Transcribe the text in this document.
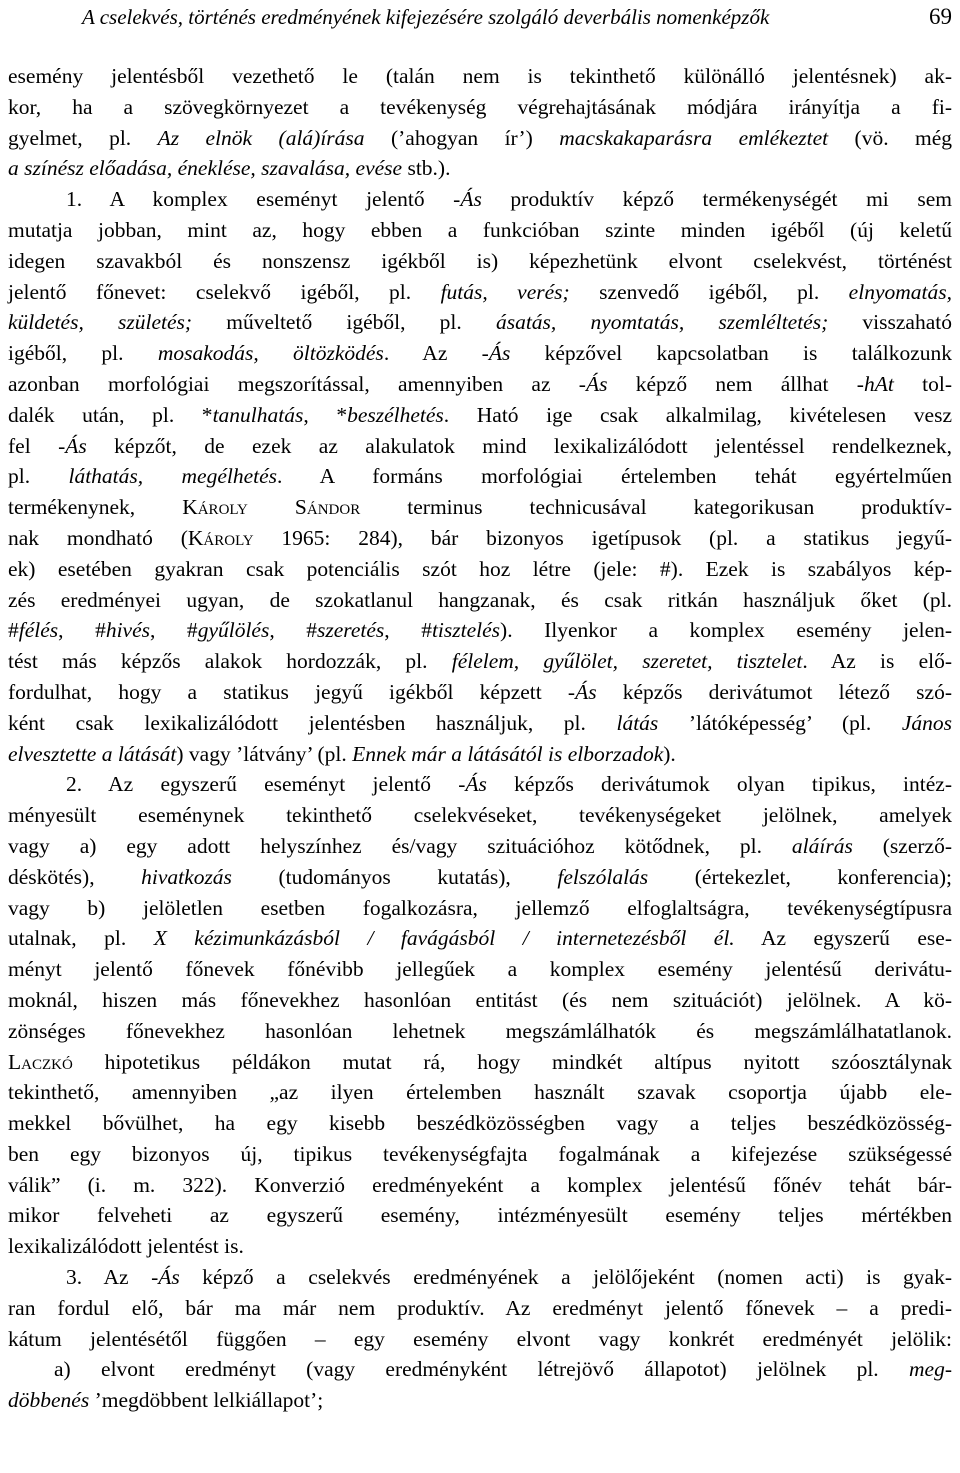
A cselekvés, történés eredményének kifejezésére szolgáló deverbális nomenképzők	69
esemény jelentésből vezethető le (talán nem is tekinthető különálló jelentésnek) ak-
kor, ha a szövegkörnyezet a tevékenység végrehajtásának módjára irányítja a fi-
gyelmet, pl. Az elnök (alá)írása (’ahogyan ír’) macskakaparásra emlékeztet (vö. még
a színész előadása, éneklése, szavalása, evése stb.).
1. A komplex eseményt jelentő -Ás produktív képző termékenységét mi sem
mutatja jobban, mint az, hogy ebben a funkcióban szinte minden igéből (új keletű
idegen szavakból és nonszensz igékből is) képezhetünk elvont cselekvést, történést
jelentő főnevet: cselekvő igéből, pl. futás, verés; szenvedő igéből, pl. elnyomatás,
küldetés, születés; műveltető igéből, pl. ásatás, nyomtatás, szemléltetés; visszaható
igéből, pl. mosakodás, öltözködés. Az -Ás képzővel kapcsolatban is találkozunk
azonban morfológiai megszorítással, amennyiben az -Ás képző nem állhat -hAt tol-
dalék után, pl. *tanulhatás, *beszélhetés. Ható ige csak alkalmilag, kivételesen vesz
fel -Ás képzőt, de ezek az alakulatok mind lexikalizálódott jelentéssel rendelkeznek,
pl. láthatás, megélhetés. A formáns morfológiai értelemben tehát egyértelműen
termékenynek, Károly Sándor terminus technicusával kategorikusan produktív-
nak mondható (Károly 1965: 284), bár bizonyos igetípusok (pl. a statikus jegyű-
ek) esetében gyakran csak potenciális szót hoz létre (jele: #). Ezek is szabályos kép-
zés eredményei ugyan, de szokatlanul hangzanak, és csak ritkán használjuk őket (pl.
#félés, #hivés, #gyűlölés, #szeretés, #tisztelés). Ilyenkor a komplex esemény jelen-
tést más képzős alakok hordozzák, pl. félelem, gyűlölet, szeretet, tisztelet. Az is elő-
fordulhat, hogy a statikus jegyű igékből képzett -Ás képzős derivátumot létező szó-
ként csak lexikalizálódott jelentésben használjuk, pl. látás ’látóképesség’ (pl. János
elvesztette a látását) vagy ’látvány’ (pl. Ennek már a látásától is elborzadok).
2. Az egyszerű eseményt jelentő -Ás képzős derivátumok olyan tipikus, intéz-
ményesült eseménynek tekinthető cselekvéseket, tevékenységeket jelölnek, amelyek
vagy a) egy adott helyszínhez és/vagy szituációhoz kötődnek, pl. aláírás (szerző-
déskötés), hivatkozás (tudományos kutatás), felszólalás (értekezlet, konferencia);
vagy b) jelöletlen esetben fogalkozásra, jellemző elfoglaltságra, tevékenységtípusra
utalnak, pl. X kézimunkázásból / favágásból / internetezésből él. Az egyszerű ese-
ményt jelentő főnevek főnévibb jellegűek a komplex esemény jelentésű derivátu-
moknál, hiszen más főnevekhez hasonlóan entitást (és nem szituációt) jelölnek. A kö-
zönséges főnevekhez hasonlóan lehetnek megszámlálhatók és megszámlálhatatlanok.
Laczkó hipotetikus példákon mutat rá, hogy mindkét altípus nyitott szóosztálynak
tekinthető, amennyiben „az ilyen értelemben használt szavak csoportja újabb ele-
mekkel bővülhet, ha egy kisebb beszédközösségben vagy a teljes beszédközösség-
ben egy bizonyos új, tipikus tevékenységfajta fogalmának a kifejezése szükségessé
válik” (i. m. 322). Konverzió eredményeként a komplex jelentésű főnév tehát bár-
mikor felveheti az egyszerű esemény, intézményesült esemény teljes mértékben
lexikalizálódott jelentést is.
3. Az -Ás képző a cselekvés eredményének a jelölőjeként (nomen acti) is gyak-
ran fordul elő, bár ma már nem produktív. Az eredményt jelentő főnevek – a predi-
kátum jelentésétől függően – egy esemény elvont vagy konkrét eredményét jelölik:
a) elvont eredményt (vagy eredményként létrejövő állapotot) jelölnek pl. meg-
döbbenés ’megdöbbent lelkiállapot’;
